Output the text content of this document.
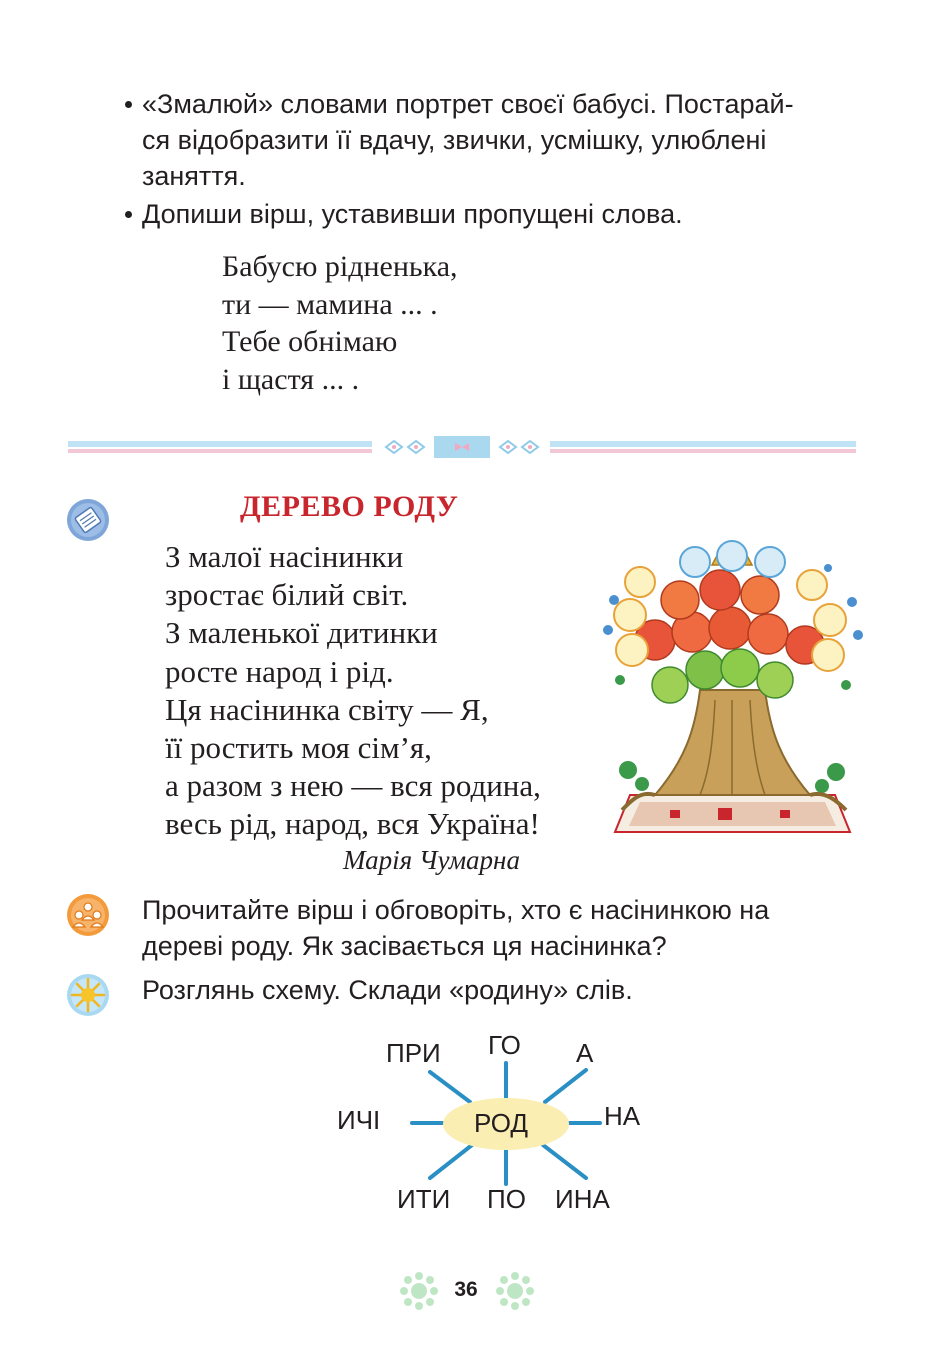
«Змалюй» словами портрет своєї бабусі. Постарай-
ся відобразити її вдачу, звички, усмішку, улюблені
заняття.
Допиши вірш, уставивши пропущені слова.
Бабусю рідненька,
ти — мамина ... .
Тебе обнімаю
і щастя ... .
ДЕРЕВО РОДУ
З малої насінинки
зростає білий світ.
З маленької дитинки
росте народ і рід.
Ця насінинка світу — Я,
її ростить моя сім’я,
а разом з нею — вся родина,
весь рід, народ, вся Україна!
Марія Чумарна
Прочитайте вірш і обговоріть, хто є насінинкою на
дереві роду. Як засівається ця насінинка?
Розглянь схему. Склади «родину» слів.
РОД
ПРИ ГО А
ИЧІ	НА
ИТИ ПО ИНА
36
